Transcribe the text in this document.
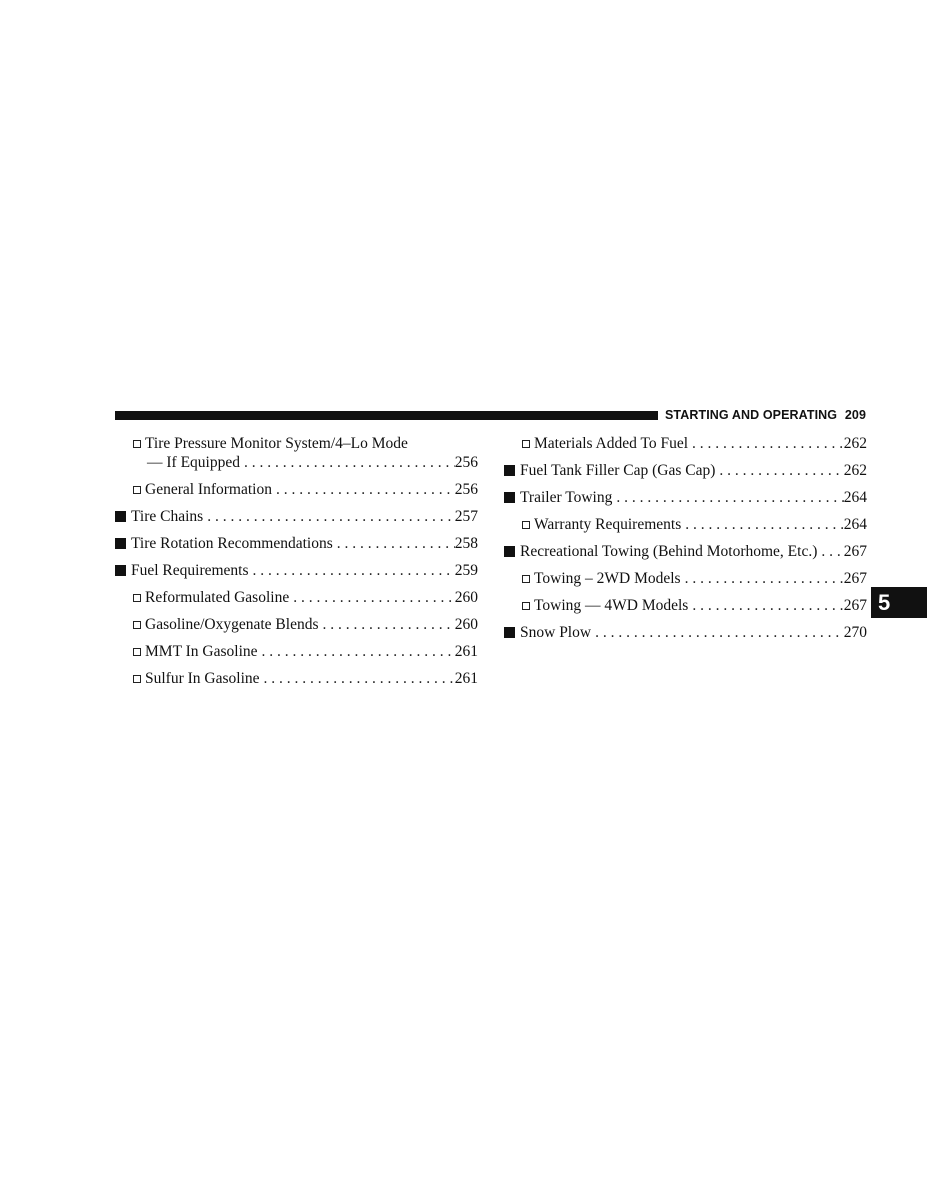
STARTING AND OPERATING 209
5
Tire Pressure Monitor System/4–Lo Mode
— If Equipped . . .	256
General Information . . .	256
Tire Chains . . .	257
Tire Rotation Recommendations . . .	258
Fuel Requirements . . .	259
Reformulated Gasoline . . .	260
Gasoline/Oxygenate Blends . . .	260
MMT In Gasoline . . .	261
Sulfur In Gasoline . . .	261
Materials Added To Fuel . . .	262
Fuel Tank Filler Cap (Gas Cap) . . .	262
Trailer Towing . . .	264
Warranty Requirements . . .	264
Recreational Towing (Behind Motorhome, Etc.) . . . 267
Towing – 2WD Models . . .	267
Towing — 4WD Models . . .	267
Snow Plow . . .	270
